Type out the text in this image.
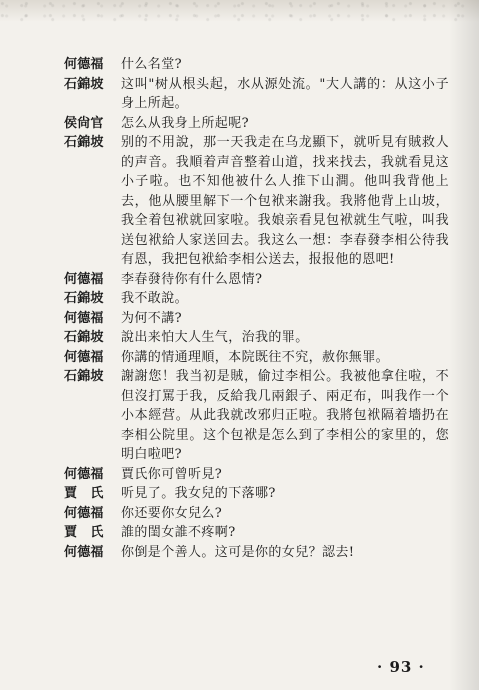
何德福	什么名堂?
石錦坡	这叫"树从根头起，水从源处流。"大人講的：从这小子身上所起。
侯尙官	怎么从我身上所起呢?
石錦坡	别的不用說，那一天我走在乌龙顯下，就听見有賊救人的声音。我順着声音整着山道，找来找去，我就看見这小子啦。也不知他被什么人推下山澗。他叫我背他上去，他从腰里解下一个包袱来謝我。我將他背上山坡，我全着包袱就回家啦。我娘亲看見包袱就生气啦，叫我送包袱給人家送回去。我这么一想：李春發李相公待我有恩，我把包袱給李相公送去，报报他的恩吧!
何德福	李春發待你有什么恩情?
石錦坡	我不敢說。
何德福	为何不講?
石錦坡	說出来怕大人生气，治我的罪。
何德福	你講的情通理順，本院既往不究，赦你無罪。
石錦坡	謝謝您！我当初是賊，偷过李相公。我被他拿住啦，不但沒打罵于我，反給我几兩銀子、兩疋布，叫我作一个小本經营。从此我就改邪归正啦。我將包袱隔着墻扔在李相公院里。这个包袱是怎么到了李相公的家里的，您明白啦吧?
何德福	賈氏你可曾听見?
賈　氏	听見了。我女兒的下落哪?
何德福	你还要你女兒么?
賈　氏	誰的閨女誰不疼啊?
何德福	你倒是个善人。这可是你的女兒？認去!
· 93 ·
